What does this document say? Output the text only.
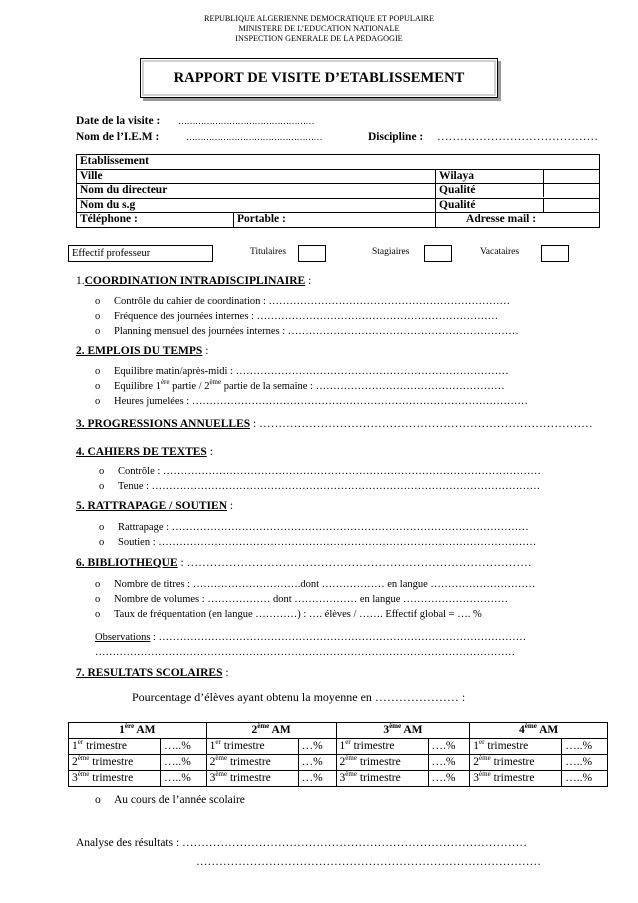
REPUBLIQUE ALGERIENNE DEMOCRATIQUE ET POPULAIRE
MINISTERE DE L’EDUCATION NATIONALE
INSPECTION GENERALE DE LA PEDAGOGIE
RAPPORT DE VISITE D’ETABLISSEMENT
Date de la visite : …………………………………………
Nom de l’I.E.M :	…………………………………………	Discipline : ……………………………………
Etablissement		
Ville		Wilaya
Nom du directeur		Qualité
Nom du s.g		Qualité
Téléphone :	Portable :	Adresse mail :
Effectif professeur	Titulaires	Stagiaires	Vacataires
1.COORDINATION INTRADISCIPLINAIRE :
o Contrôle du cahier de coordination : ……………………………………………………………
o Fréquence des journées internes : ……………………………………………………………
o Planning mensuel des journées internes : …………………………………………………………
2. EMPLOIS DU TEMPS :
o Equilibre matin/après-midi : ……………………………………………………………………
o Equilibre 1ère partie / 2ème partie de la semaine : ………………………………………………
o Heures jumelées : ……………………………………………………………………………………
3. PROGRESSIONS ANNUELLES : ……………………………………………………………………………
4. CAHIERS DE TEXTES :
o Contrôle : ………………………………………………………………………………………………
o Tenue : …………………………………………………………………………………………………
5. RATTRAPAGE / SOUTIEN :
o Rattrapage : …………………………………………………………………………………………
o Soutien : ………………………………………………………………………………………………
6. BIBLIOTHEQUE : ………………………………………………………………………………
o Nombre de titres : ………………………….dont ……………… en langue …………………………
o Nombre de volumes : ……………… dont ……………… en langue …………………………
o Taux de fréquentation (en langue …………) : …. élèves / ……. Effectif global = …. %
Observations : ……………………………………………………………………………………………
…………………………………………………………………………………………………………
7. RESULTATS SCOLAIRES :
Pourcentage d’élèves ayant obtenu la moyenne en ………………… :
1ère AM		2ème AM		3ème AM		4ème AM	
1er trimestre	…..%	1er trimestre	…%	1er trimestre	….%	1er trimestre	…..%
2ème trimestre	…..%	2ème trimestre	…%	2ème trimestre	….%	2ème trimestre	…..%
3ème trimestre	…..%	3ème trimestre	…%	3ème trimestre	….%	3ème trimestre	…..%
o Au cours de l’année scolaire
Analyse des résultats : ………………………………………………………………………………
………………………………………………………………………………
